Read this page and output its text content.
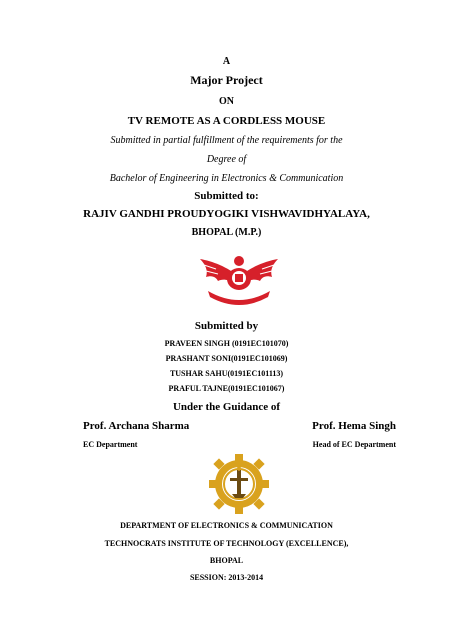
A
Major Project
ON
TV REMOTE AS A CORDLESS MOUSE
Submitted in partial fulfillment of the requirements for the
Degree of
Bachelor of Engineering in Electronics & Communication
Submitted to:
RAJIV GANDHI PROUDYOGIKI VISHWAVIDHYALAYA,
BHOPAL (M.P.)
Submitted by
PRAVEEN SINGH (0191EC101070)
PRASHANT SONI(0191EC101069)
TUSHAR SAHU(0191EC101113)
PRAFUL TAJNE(0191EC101067)
Under the Guidance of
Prof. Archana Sharma	Prof. Hema Singh
EC Department	Head of EC Department
DEPARTMENT OF ELECTRONICS & COMMUNICATION
TECHNOCRATS INSTITUTE OF TECHNOLOGY (EXCELLENCE),
BHOPAL
SESSION: 2013-2014
